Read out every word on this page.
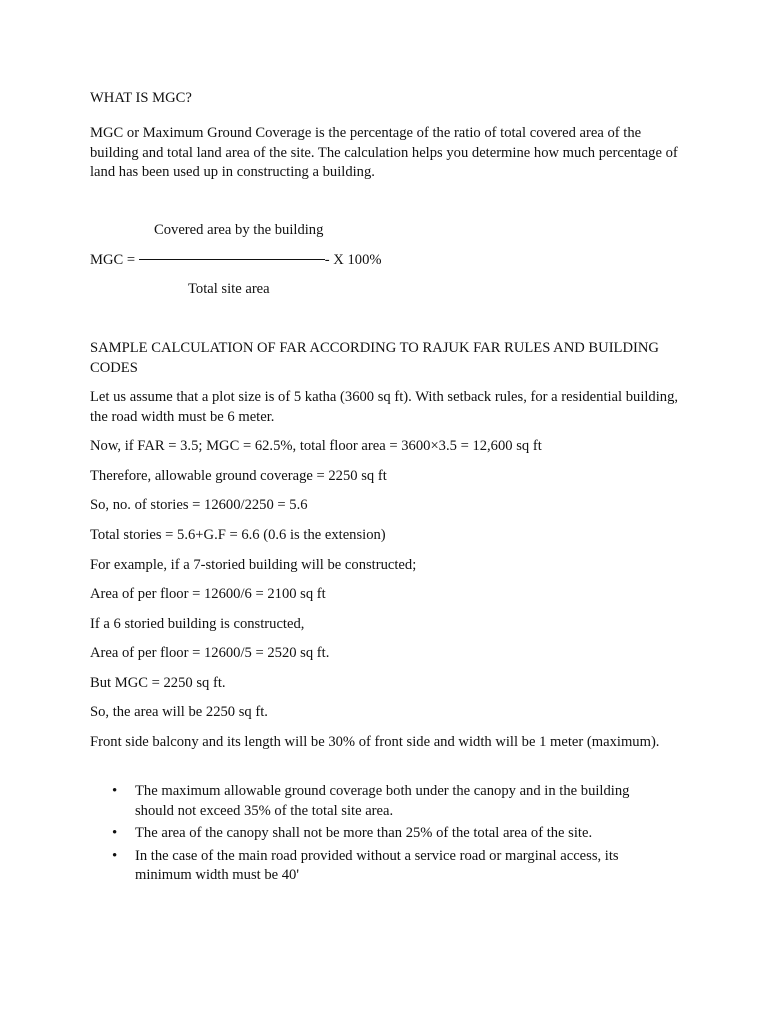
WHAT IS MGC?

MGC or Maximum Ground Coverage is the percentage of the ratio of total covered area of the building and total land area of the site. The calculation helps you determine how much percentage of land has been used up in constructing a building.

Covered area by the building
MGC =	- X 100%
Total site area

SAMPLE CALCULATION OF FAR ACCORDING TO RAJUK FAR RULES AND BUILDING CODES

Let us assume that a plot size is of 5 katha (3600 sq ft). With setback rules, for a residential building, the road width must be 6 meter.

Now, if FAR = 3.5; MGC = 62.5%, total floor area = 3600×3.5 = 12,600 sq ft

Therefore, allowable ground coverage = 2250 sq ft

So, no. of stories = 12600/2250 = 5.6

Total stories = 5.6+G.F = 6.6 (0.6 is the extension)

For example, if a 7-storied building will be constructed;

Area of per floor = 12600/6 = 2100 sq ft

If a 6 storied building is constructed,

Area of per floor = 12600/5 = 2520 sq ft.

But MGC = 2250 sq ft.

So, the area will be 2250 sq ft.

Front side balcony and its length will be 30% of front side and width will be 1 meter (maximum).

• The maximum allowable ground coverage both under the canopy and in the building should not exceed 35% of the total site area.
• The area of the canopy shall not be more than 25% of the total area of the site.
• In the case of the main road provided without a service road or marginal access, its minimum width must be 40'
